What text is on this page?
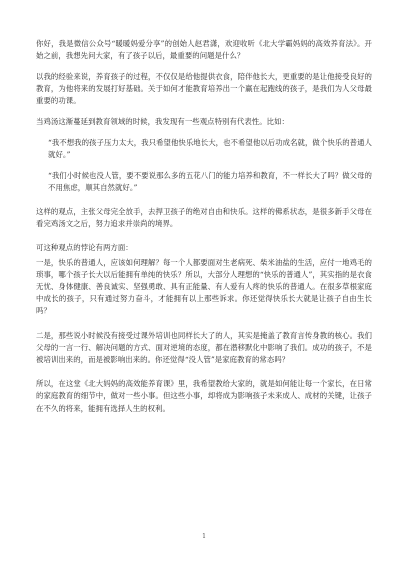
你好，我是微信公众号“暖暖妈爱分享”的创始人赵君潇，欢迎收听《北大学霸妈妈的高效养育法》。开始之前，我想先问大家，有了孩子以后，最重要的问题是什么？

以我的经验来说，养育孩子的过程，不仅仅是给他提供衣食，陪伴他长大，更重要的是让他接受良好的教育，为他将来的发展打好基础。关于如何才能教育培养出一个赢在起跑线的孩子，是我们为人父母最重要的功课。

当鸡汤这渐蔓延到教育领域的时候，我发现有一些观点特别有代表性。比如：

“我不想我的孩子压力太大，我只希望他快乐地长大，也不希望他以后功成名就，做个快乐的普通人就好。”

“我们小时候也没人管，要不要说那么多的五花八门的能力培养和教育，不一样长大了吗？做父母的不用焦虑，顺其自然就好。”

这样的观点，主张父母完全放手，去捍卫孩子的绝对自由和快乐。这样的佛系状态，是很多新手父母在看完鸡汤文之后，努力追求并崇尚的境界。

可这种观点的悖论有两方面：

一是，快乐的普通人，应该如何理解？每一个人都要面对生老病死、柴米油盐的生活，应付一地鸡毛的琐事，哪个孩子长大以后能拥有单纯的快乐？所以，大部分人理想的“快乐的普通人”，其实指的是衣食无忧、身体健康、善良诚实、坚强勇敢、具有正能量、有人爱有人疼的快乐的普通人。在很多草根家庭中成长的孩子，只有通过努力奋斗，才能拥有以上那些诉求。你还觉得快乐长大就是让孩子自由生长吗？

二是，那些说小时候没有接受过课外培训也同样长大了的人，其实是掩盖了教育言传身教的核心。我们父母的一言一行、解决问题的方式、面对逆境的态度，都在潜移默化中影响了我们。成功的孩子，不是被培训出来的，而是被影响出来的。你还觉得“没人管”是家庭教育的常态吗？

所以，在这堂《北大妈妈的高效能养育课》里，我希望教给大家的，就是如何能让每一个家长，在日常的家庭教育的细节中，做对一些小事。但这些小事，却将成为影响孩子未来成人、成材的关键，让孩子在不久的将来，能拥有选择人生的权利。

1
